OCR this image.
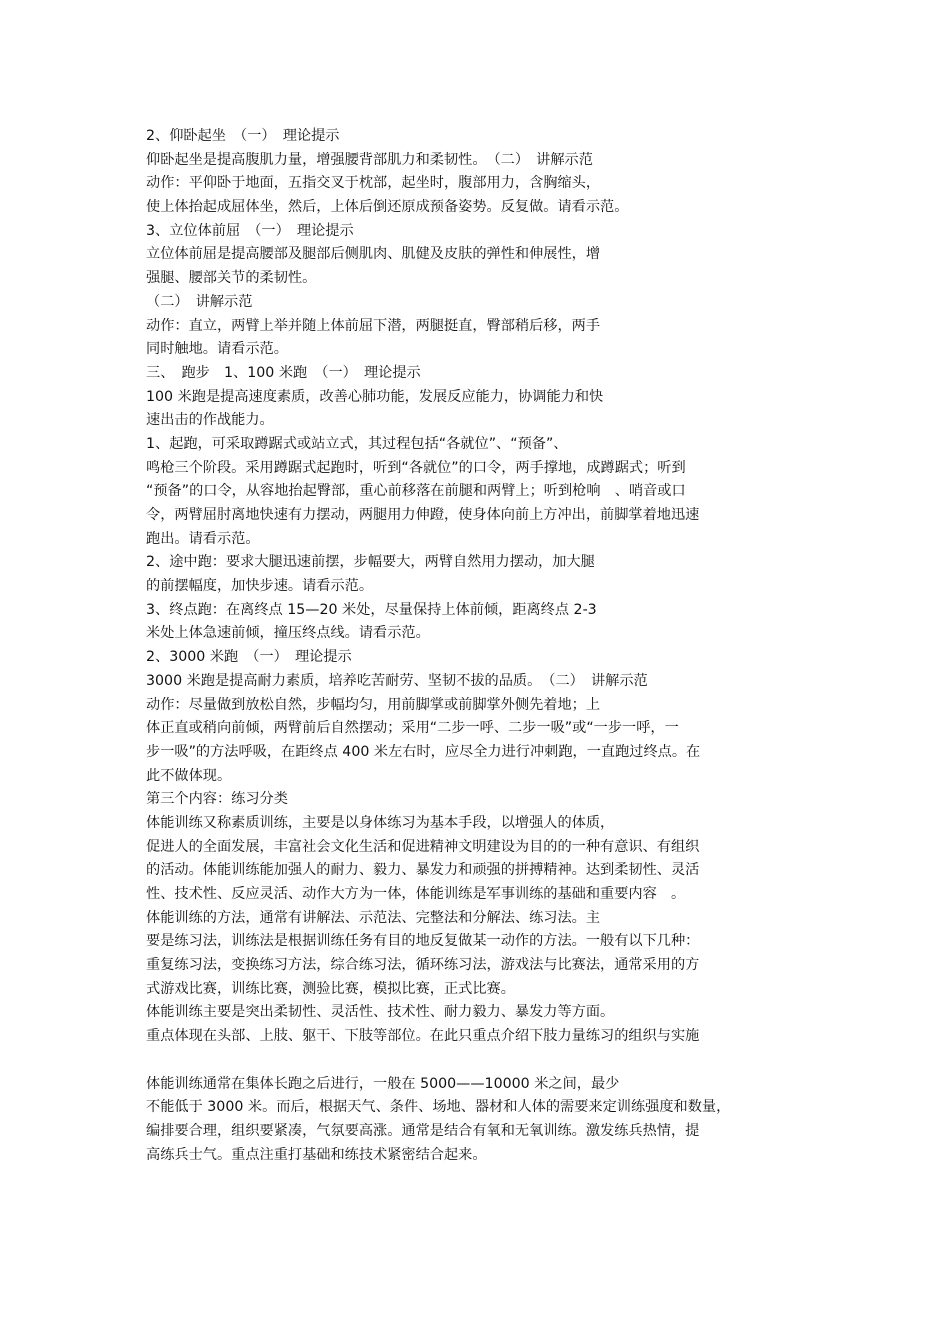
2、仰卧起坐　（一）　理论提示
仰卧起坐是提高腹肌力量，增强腰背部肌力和柔韧性。　（二）　讲解示范
动作：平仰卧于地面，五指交叉于枕部，起坐时，腹部用力，含胸缩头，
使上体抬起成屈体坐，然后，上体后倒还原成预备姿势。反复做。请看示范。
3、立位体前屈　（一）　理论提示
立位体前屈是提高腰部及腿部后侧肌肉、肌健及皮肤的弹性和伸展性，增
强腿、腰部关节的柔韧性。
（二）　讲解示范
动作：直立，两臂上举并随上体前屈下潜，两腿挺直，臀部稍后移，两手
同时触地。请看示范。
三、　跑步　1、100 米跑　（一）　理论提示
100 米跑是提高速度素质，改善心肺功能，发展反应能力，协调能力和快
速出击的作战能力。
1、起跑，可采取蹲踞式或站立式，其过程包括“各就位”、“预备”、
鸣枪三个阶段。采用蹲踞式起跑时，听到“各就位”的口令，两手撑地，成蹲踞式；听到
“预备”的口令，从容地抬起臀部，重心前移落在前腿和两臂上；听到枪响　、哨音或口
令，两臂屈肘离地快速有力摆动，两腿用力伸蹬，使身体向前上方冲出，前脚掌着地迅速
跑出。请看示范。
2、途中跑：要求大腿迅速前摆，步幅要大，两臂自然用力摆动，加大腿
的前摆幅度，加快步速。请看示范。
3、终点跑：在离终点 15—20 米处，尽量保持上体前倾，距离终点 2-3
米处上体急速前倾，撞压终点线。请看示范。
2、3000 米跑　（一）　理论提示
3000 米跑是提高耐力素质，培养吃苦耐劳、坚韧不拔的品质。　（二）　讲解示范
动作：尽量做到放松自然，步幅均匀，用前脚掌或前脚掌外侧先着地；上
体正直或稍向前倾，两臂前后自然摆动；采用“二步一呼、二步一吸”或“一步一呼，一
步一吸”的方法呼吸，在距终点 400 米左右时，应尽全力进行冲刺跑，一直跑过终点。在
此不做体现。
第三个内容：练习分类
体能训练又称素质训练，主要是以身体练习为基本手段，以增强人的体质，
促进人的全面发展，丰富社会文化生活和促进精神文明建设为目的的一种有意识、有组织
的活动。体能训练能加强人的耐力、毅力、暴发力和顽强的拼搏精神。达到柔韧性、灵活
性、技术性、反应灵活、动作大方为一体，体能训练是军事训练的基础和重要内容　。
体能训练的方法，通常有讲解法、示范法、完整法和分解法、练习法。主
要是练习法，训练法是根据训练任务有目的地反复做某一动作的方法。一般有以下几种：
重复练习法，变换练习方法，综合练习法，循环练习法，游戏法与比赛法，通常采用的方
式游戏比赛，训练比赛，测验比赛，模拟比赛，正式比赛。
体能训练主要是突出柔韧性、灵活性、技术性、耐力毅力、暴发力等方面。
重点体现在头部、上肢、躯干、下肢等部位。在此只重点介绍下肢力量练习的组织与实施
体能训练通常在集体长跑之后进行，一般在 5000——10000 米之间，最少
不能低于 3000 米。而后，根据天气、条件、场地、器材和人体的需要来定训练强度和数量，
编排要合理，组织要紧凑，气氛要高涨。通常是结合有氧和无氧训练。激发练兵热情，提
高练兵士气。重点注重打基础和练技术紧密结合起来。
